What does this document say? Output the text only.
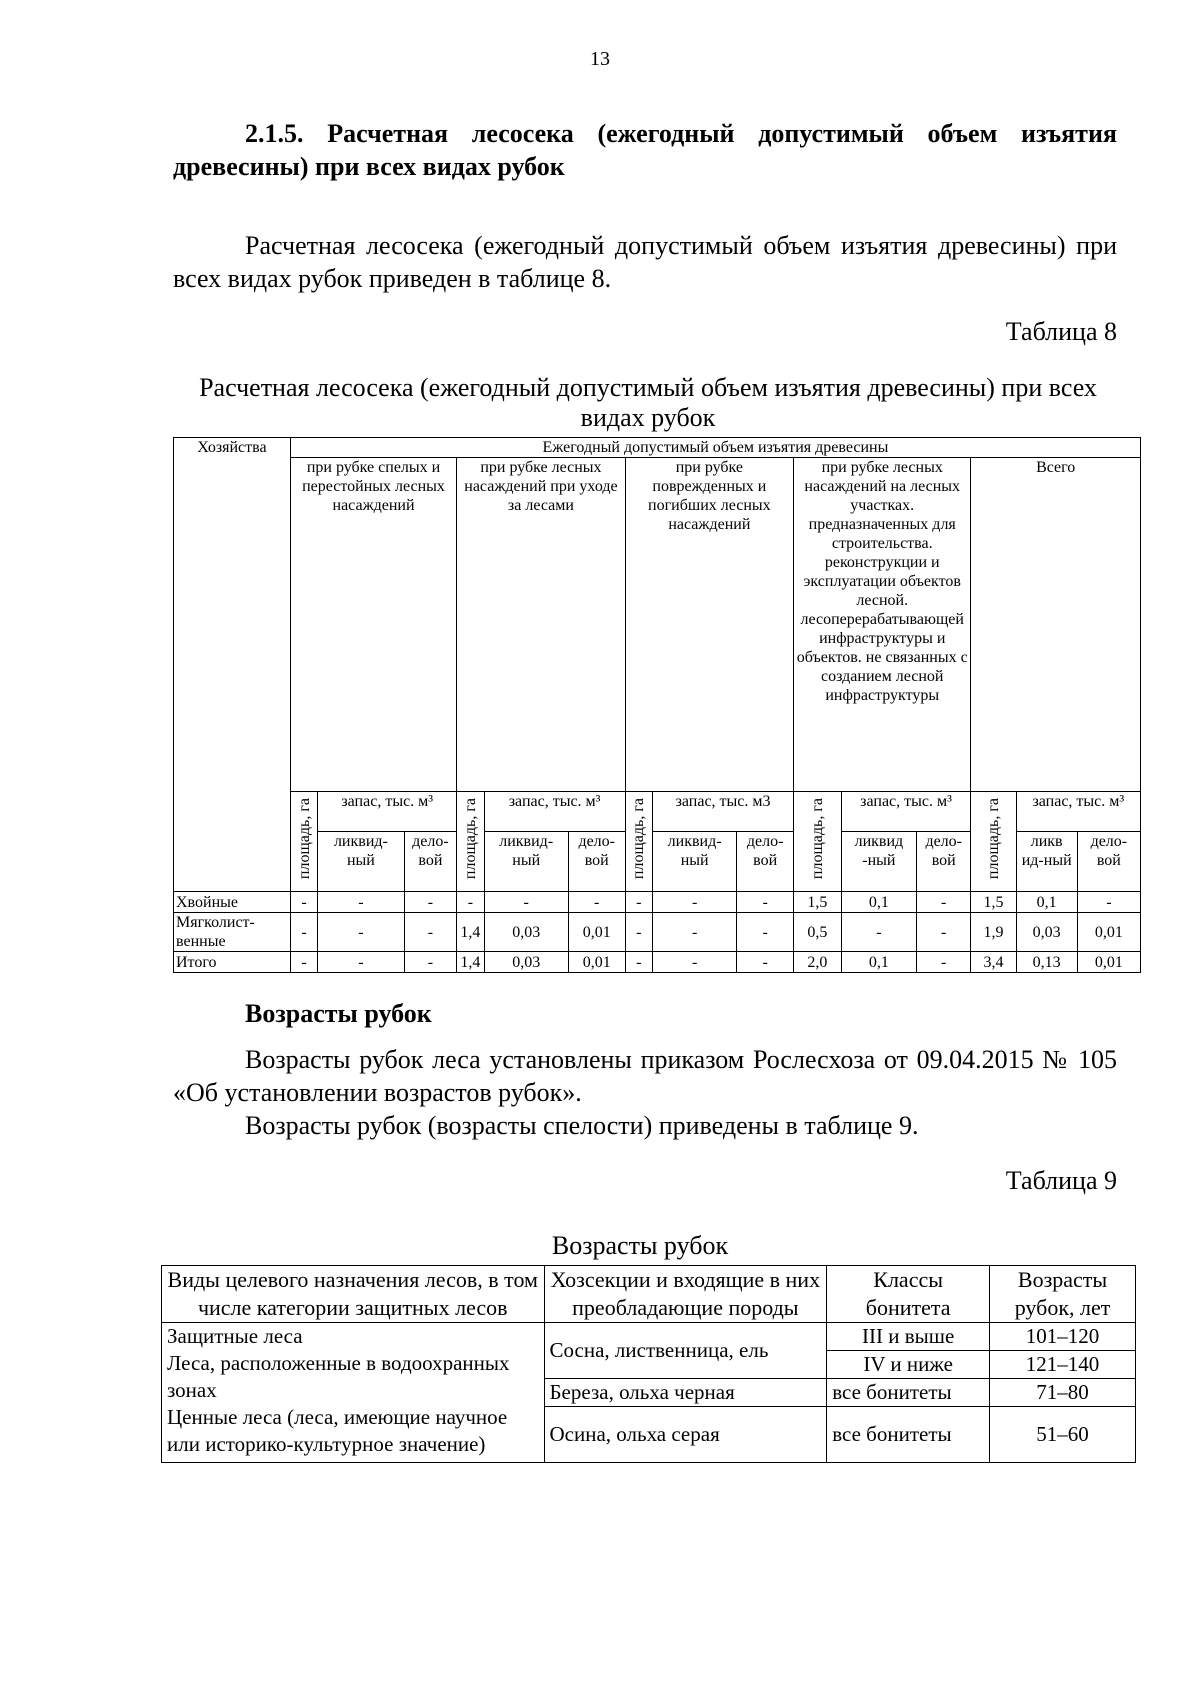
13
2.1.5. Расчетная лесосека (ежегодный допустимый объем изъятия древесины) при всех видах рубок
Расчетная лесосека (ежегодный допустимый объем изъятия древесины) при всех видах рубок приведен в таблице 8.
Таблица 8
Расчетная лесосека (ежегодный допустимый объем изъятия древесины) при всех видах рубок
Хозяйства	Ежегодный допустимый объем изъятия древесины														
	при рубке спелых и перестойных лесных насаждений			при рубке лесных насаждений при уходе за лесами			при рубке поврежденных и погибших лесных насаждений			при рубке лесных насаждений на лесных участках. предназначенных для строительства. реконструкции и эксплуатации объектов лесной. лесоперерабатывающей инфраструктуры и объектов. не связанных с созданием лесной инфраструктуры			Всего		
	площадь, га	запас, тыс. м³		площадь, га	запас, тыс. м³		площадь, га	запас, тыс. м3		площадь, га	запас, тыс. м³		площадь, га	запас, тыс. м³	
		ликвид-ный	дело-вой		ликвид-ный	дело-вой		ликвид-ный	дело-вой		ликвид -ный	дело-вой		ликв ид-ный	дело-вой
Хвойные	-	-	-	-	-	-	-	-	-	1,5	0,1	-	1,5	0,1	-
Мягколист-венные	-	-	-	1,4	0,03	0,01	-	-	-	0,5	-	-	1,9	0,03	0,01
Итого	-	-	-	1,4	0,03	0,01	-	-	-	2,0	0,1	-	3,4	0,13	0,01
Возрасты рубок
Возрасты рубок леса установлены приказом Рослесхоза от 09.04.2015 № 105 «Об установлении возрастов рубок».
Возрасты рубок (возрасты спелости) приведены в таблице 9.
Таблица 9
Возрасты рубок
Виды целевого назначения лесов, в том числе категории защитных лесов	Хозсекции и входящие в них преобладающие породы	Классы бонитета	Возрасты рубок, лет

Защитные леса
Леса, расположенные в водоохранных зонах
Ценные леса (леса, имеющие научное или историко-культурное значение)	Сосна, лиственница, ель	III и выше	101–120
		IV и ниже	121–140
	Береза, ольха черная	все бонитеты	71–80
	Осина, ольха серая	все бонитеты	51–60
